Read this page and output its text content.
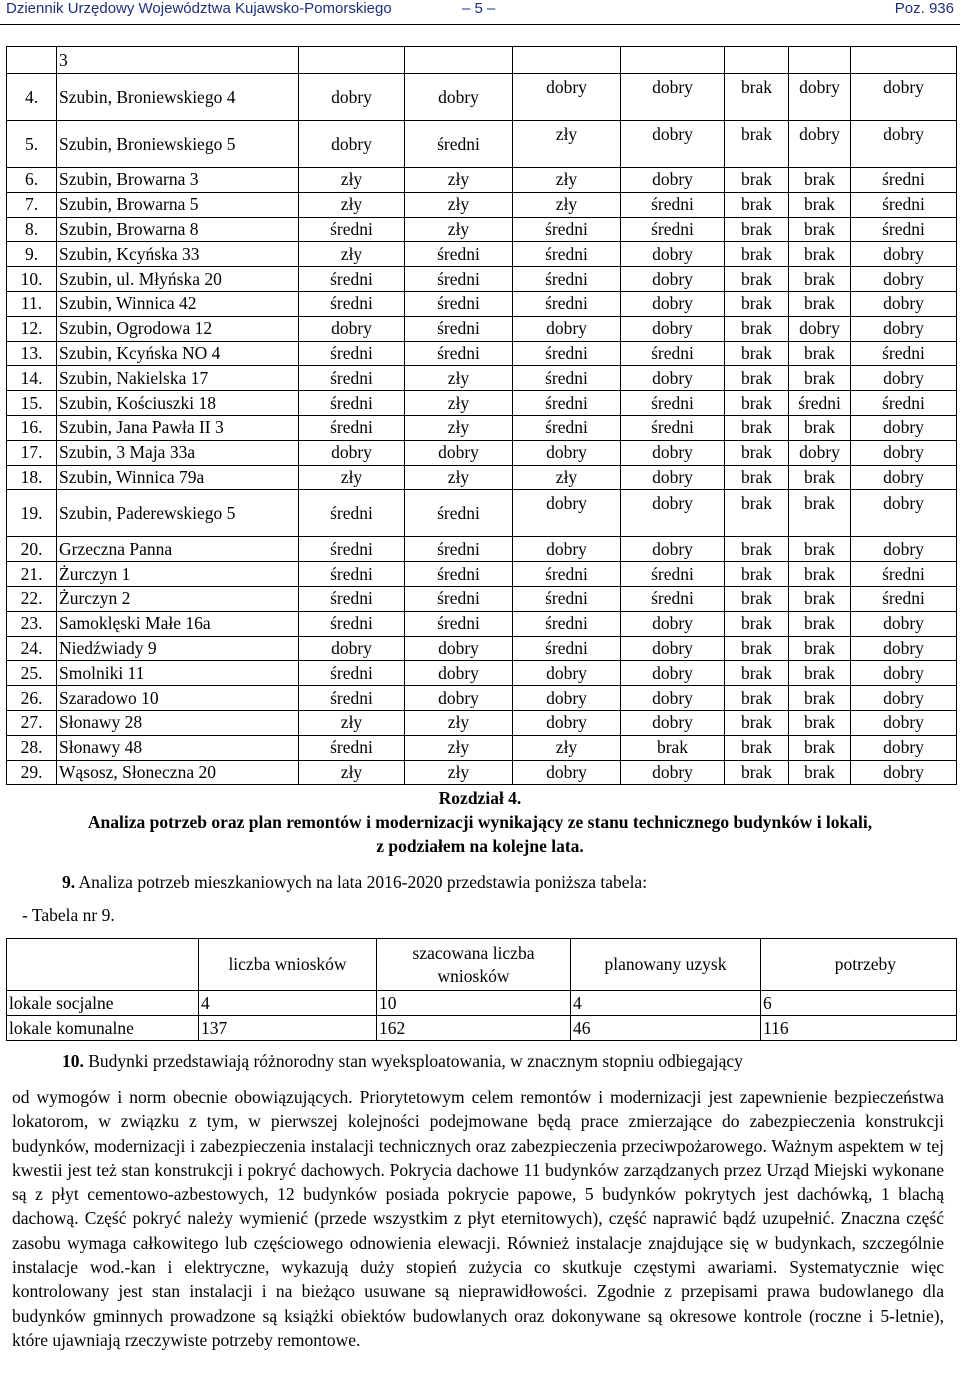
Dziennik Urzędowy Województwa Kujawsko-Pomorskiego	– 5 –	Poz. 936
	3							
4.	Szubin, Broniewskiego 4	dobry	dobry	dobry	dobry	brak	dobry	dobry
5.	Szubin, Broniewskiego 5	dobry	średni	zły	dobry	brak	dobry	dobry
6.	Szubin, Browarna 3	zły	zły	zły	dobry	brak	brak	średni
7.	Szubin, Browarna 5	zły	zły	zły	średni	brak	brak	średni
8.	Szubin, Browarna 8	średni	zły	średni	średni	brak	brak	średni
9.	Szubin, Kcyńska 33	zły	średni	średni	dobry	brak	brak	dobry
10.	Szubin, ul. Młyńska 20	średni	średni	średni	dobry	brak	brak	dobry
11.	Szubin, Winnica 42	średni	średni	średni	dobry	brak	brak	dobry
12.	Szubin, Ogrodowa 12	dobry	średni	dobry	dobry	brak	dobry	dobry
13.	Szubin, Kcyńska NO 4	średni	średni	średni	średni	brak	brak	średni
14.	Szubin, Nakielska 17	średni	zły	średni	dobry	brak	brak	dobry
15.	Szubin, Kościuszki 18	średni	zły	średni	średni	brak	średni	średni
16.	Szubin, Jana Pawła II 3	średni	zły	średni	średni	brak	brak	dobry
17.	Szubin, 3 Maja 33a	dobry	dobry	dobry	dobry	brak	dobry	dobry
18.	Szubin, Winnica 79a	zły	zły	zły	dobry	brak	brak	dobry
19.	Szubin, Paderewskiego 5	średni	średni	dobry	dobry	brak	brak	dobry
20.	Grzeczna Panna	średni	średni	dobry	dobry	brak	brak	dobry
21.	Żurczyn 1	średni	średni	średni	średni	brak	brak	średni
22.	Żurczyn 2	średni	średni	średni	średni	brak	brak	średni
23.	Samoklęski Małe 16a	średni	średni	średni	dobry	brak	brak	dobry
24.	Niedźwiady 9	dobry	dobry	średni	dobry	brak	brak	dobry
25.	Smolniki 11	średni	dobry	dobry	dobry	brak	brak	dobry
26.	Szaradowo 10	średni	dobry	dobry	dobry	brak	brak	dobry
27.	Słonawy 28	zły	zły	dobry	dobry	brak	brak	dobry
28.	Słonawy 48	średni	zły	zły	brak	brak	brak	dobry
29.	Wąsosz, Słoneczna 20	zły	zły	dobry	dobry	brak	brak	dobry
Rozdział 4.
Analiza potrzeb oraz plan remontów i modernizacji wynikający ze stanu technicznego budynków i lokali,
z podziałem na kolejne lata.
9. Analiza potrzeb mieszkaniowych na lata 2016-2020 przedstawia poniższa tabela:
- Tabela nr 9.
	liczba wniosków	szacowana liczba wniosków	planowany uzysk	potrzeby
lokale socjalne	4	10	4	6
lokale komunalne	137	162	46	116
10. Budynki przedstawiają różnorodny stan wyeksploatowania, w znacznym stopniu odbiegający
od wymogów i norm obecnie obowiązujących. Priorytetowym celem remontów i modernizacji jest zapewnienie bezpieczeństwa lokatorom, w związku z tym, w pierwszej kolejności podejmowane będą prace zmierzające do zabezpieczenia konstrukcji budynków, modernizacji i zabezpieczenia instalacji technicznych oraz zabezpieczenia przeciwpożarowego. Ważnym aspektem w tej kwestii jest też stan konstrukcji i pokryć dachowych. Pokrycia dachowe 11 budynków zarządzanych przez Urząd Miejski wykonane są z płyt cementowo-azbestowych, 12 budynków posiada pokrycie papowe, 5 budynków pokrytych jest dachówką, 1 blachą dachową. Część pokryć należy wymienić (przede wszystkim z płyt eternitowych), część naprawić bądź uzupełnić. Znaczna część zasobu wymaga całkowitego lub częściowego odnowienia elewacji. Również instalacje znajdujące się w budynkach, szczególnie instalacje wod.-kan i elektryczne, wykazują duży stopień zużycia co skutkuje częstymi awariami. Systematycznie więc kontrolowany jest stan instalacji i na bieżąco usuwane są nieprawidłowości. Zgodnie z przepisami prawa budowlanego dla budynków gminnych prowadzone są książki obiektów budowlanych oraz dokonywane są okresowe kontrole (roczne i 5-letnie), które ujawniają rzeczywiste potrzeby remontowe.
